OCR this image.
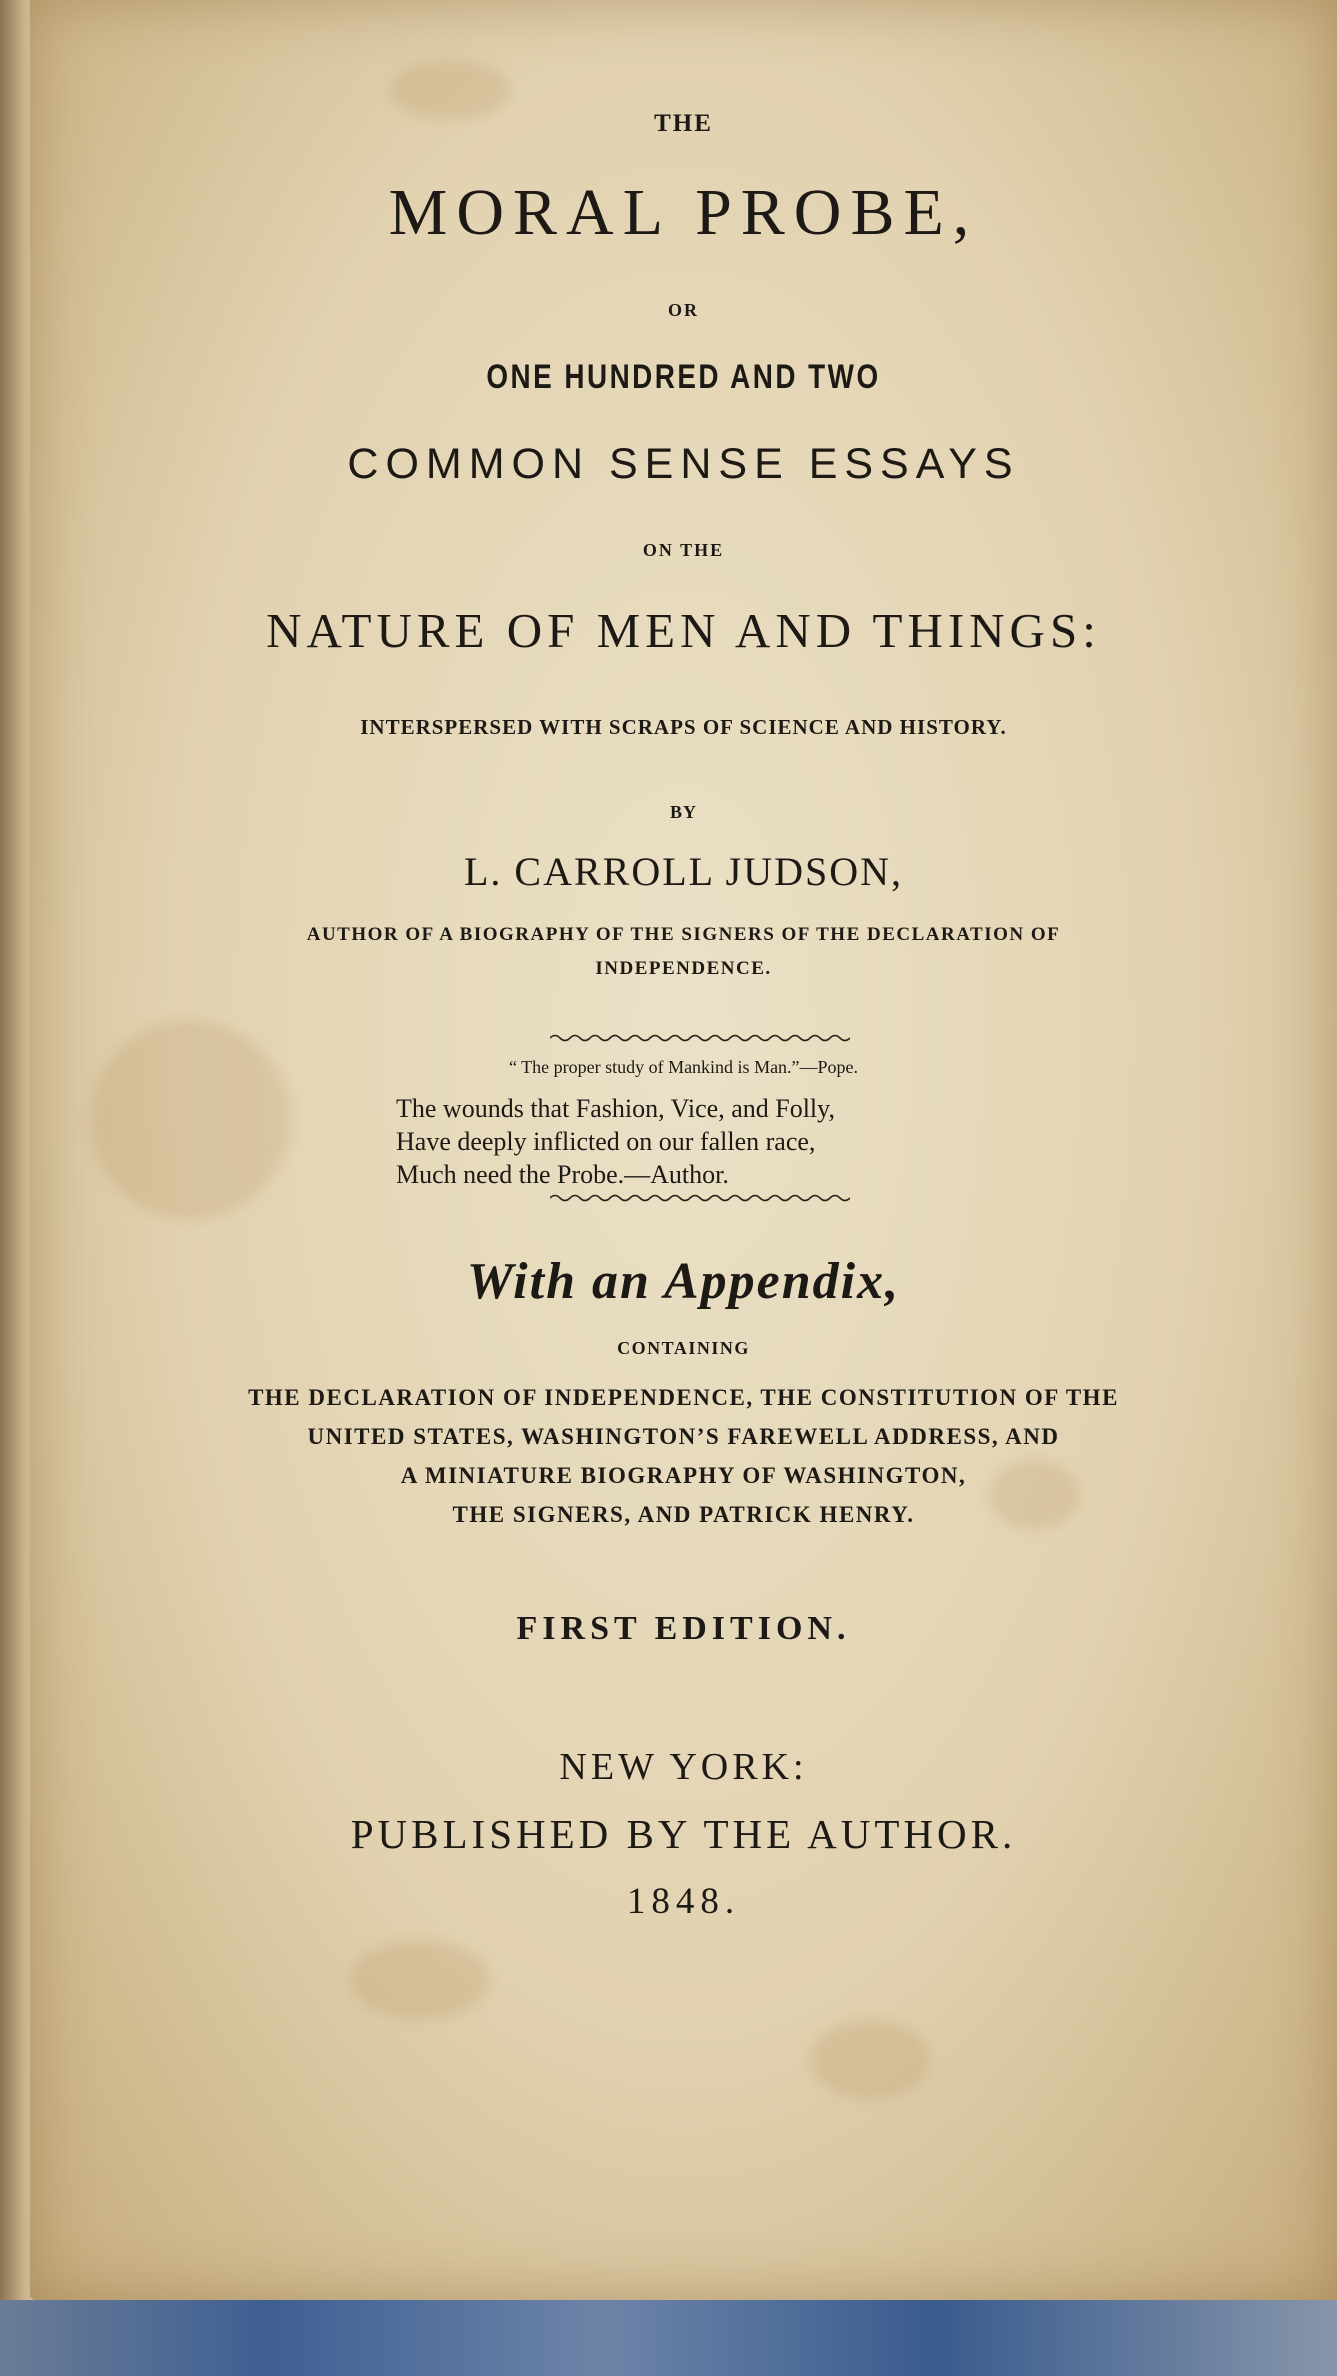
THE

MORAL PROBE,

OR

ONE HUNDRED AND TWO

COMMON SENSE ESSAYS

ON THE

NATURE OF MEN AND THINGS:

INTERSPERSED WITH SCRAPS OF SCIENCE AND HISTORY.

BY

L. CARROLL JUDSON,

AUTHOR OF A BIOGRAPHY OF THE SIGNERS OF THE DECLARATION OF INDEPENDENCE.

“ The proper study of Mankind is Man.”—Pope.

The wounds that Fashion, Vice, and Folly,
Have deeply inflicted on our fallen race,
Much need the Probe.—Author.

With an Appendix,

CONTAINING

THE DECLARATION OF INDEPENDENCE, THE CONSTITUTION OF THE
UNITED STATES, WASHINGTON’S FAREWELL ADDRESS, AND
A MINIATURE BIOGRAPHY OF WASHINGTON,
THE SIGNERS, AND PATRICK HENRY.

FIRST EDITION.

NEW YORK:

PUBLISHED BY THE AUTHOR.

1848.
